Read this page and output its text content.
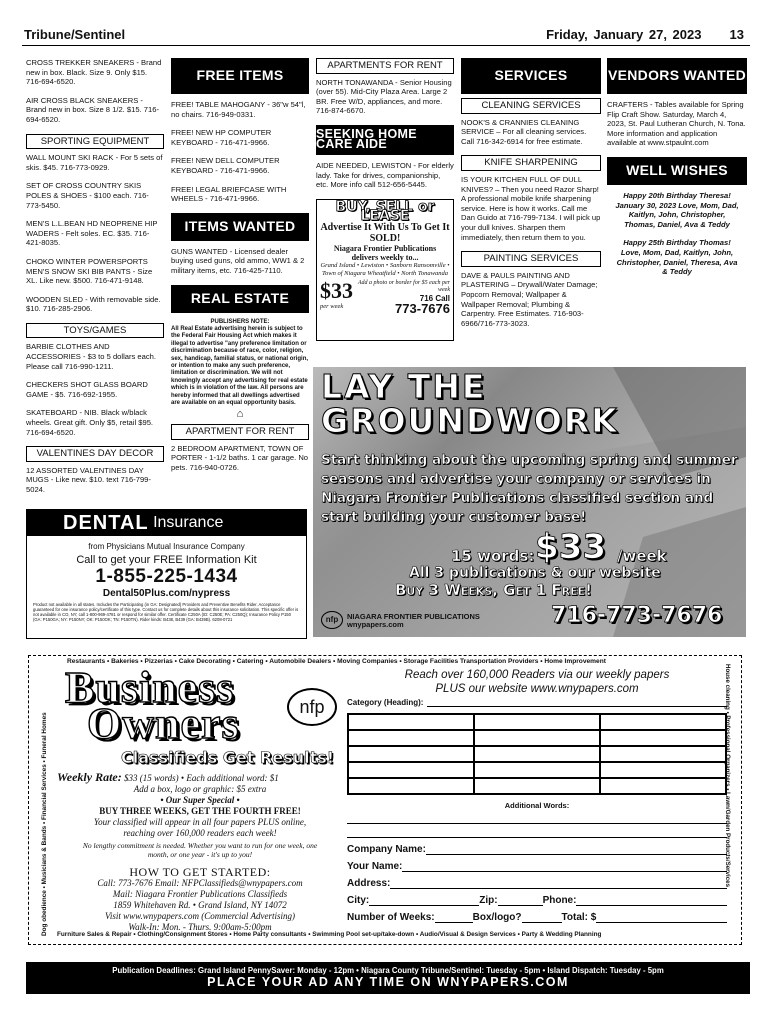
Tribune/Sentinel	Friday, January 27, 2023 13

CROSS TREKKER SNEAKERS - Brand new in box. Black. Size 9. Only $15. 716-694-6520.

AIR CROSS BLACK SNEAKERS - Brand new in box. Size 8 1/2. $15. 716-694-6520.

SPORTING EQUIPMENT

WALL MOUNT SKI RACK - For 5 sets of skis. $45. 716-773-0929.

SET OF CROSS COUNTRY SKIS POLES & SHOES - $100 each. 716-773-5450.

MEN'S L.L.BEAN HD NEOPRENE HIP WADERS - Felt soles. EC. $35. 716-421-8035.

CHOKO WINTER POWERSPORTS MEN'S SNOW SKI BIB PANTS - Size XL. Like new. $500. 716-471-9148.

WOODEN SLED - With removable side. $10. 716-285-2906.

TOYS/GAMES

BARBIE CLOTHES AND ACCESSORIES - $3 to 5 dollars each. Please call 716-990-1211.

CHECKERS SHOT GLASS BOARD GAME - $5. 716-692-1955.

SKATEBOARD - NIB. Black w/black wheels. Great gift. Only $5, retail $95. 716-694-6520.

VALENTINES DAY DECOR

12 ASSORTED VALENTINES DAY MUGS - Like new. $10. text 716-799-5024.

FREE ITEMS

FREE! TABLE MAHOGANY - 36"w 54"l, no chairs. 716-949-0331.

FREE! NEW HP COMPUTER KEYBOARD - 716-471-9966.

FREE! NEW DELL COMPUTER KEYBOARD - 716-471-9966.

FREE! LEGAL BRIEFCASE WITH WHEELS - 716-471-9966.

ITEMS WANTED

GUNS WANTED - Licensed dealer buying used guns, old ammo, WW1 & 2 military items, etc. 716-425-7110.

REAL ESTATE
PUBLISHERS NOTE:
All Real Estate advertising herein is subject to the Federal Fair Housing Act which makes it illegal to advertise "any preference limitation or discrimination because of race, color, religion, sex, handicap, familial status, or national origin, or intention to make any such preference, limitation or discrimination. We will not knowingly accept any advertising for real estate which is in violation of the law. All persons are hereby informed that all dwellings advertised are available on an equal opportunity basis.
⌂
APARTMENT FOR RENT

2 BEDROOM APARTMENT, TOWN OF PORTER - 1-1/2 baths. 1 car garage. No pets. 716-940-0726.

APARTMENTS FOR RENT

NORTH TONAWANDA - Senior Housing (over 55). Mid-City Plaza Area. Large 2 BR. Free W/D, appliances, and more. 716-874-6670.

SEEKING HOME CARE AIDE

AIDE NEEDED, LEWISTON - For elderly lady. Take for drives, companionship, etc. More info call 512-656-5445.

BUY, SELL or LEASE
Advertise It With Us To Get It SOLD!
Niagara Frontier Publications delivers weekly to...
Grand Island • Lewiston • Sanborn Ransomville • Town of Niagara Wheatfield • North Tonawanda
$33
per week
Add a photo or border for $5 each per week
716 Call
773-7676
SERVICES
CLEANING SERVICES

NOOK'S & CRANNIES CLEANING SERVICE – For all cleaning services. Call 716-342-6914 for free estimate.

KNIFE SHARPENING

IS YOUR KITCHEN FULL OF DULL KNIVES? – Then you need Razor Sharp! A professional mobile knife sharpening service. Here is how it works. Call me Dan Guido at 716-799-7134. I will pick up your dull knives. Sharpen them immediately, then return them to you.

PAINTING SERVICES

DAVE & PAULS PAINTING AND PLASTERING – Drywall/Water Damage; Popcorn Removal; Wallpaper & Wallpaper Removal; Plumbing & Carpentry. Free Estimates. 716-903-6966/716-773-3023.

VENDORS WANTED

CRAFTERS - Tables available for Spring Flip Craft Show. Saturday, March 4, 2023, St. Paul Lutheran Church, N. Tona. More information and application available at www.stpaulnt.com

WELL WISHES

Happy 20th Birthday Theresa! January 30, 2023 Love, Mom, Dad, Kaitlyn, John, Christopher, Thomas, Daniel, Ava & Teddy

Happy 25th Birthday Thomas! Love, Mom, Dad, Kaitlyn, John, Christopher, Daniel, Theresa, Ava & Teddy

DENTAL
Insurance
from Physicians Mutual Insurance Company
Call to get your FREE Information Kit
1-855-225-1434
Dental50Plus.com/nypress
Product not available in all states. Includes the Participating (in GA: Designated) Providers and Preventive Benefits Rider. Acceptance guaranteed for one insurance policy/certificate of this type. Contact us for complete details about this insurance solicitation. This specific offer is not available in CO, NY; call 1-800-969-4781 or respond for similar offer. Certificate C250A (ID: C250E; PA: C250Q); Insurance Policy P150 (GA: P150GA; NY: P150NY; OK: P150OK; TN: P150TN). Rider kinds: B438, B439 (GA: B439B). 6208-0721
LAY THE
GROUNDWORK
Start thinking about the upcoming spring and summer seasons and advertise your company or services in Niagara Frontier Publications classified section and start building your customer base!
15 words: $33 /week
All 3 publications & our website
Buy 3 Weeks, Get 1 Free!
nfp	NIAGARA FRONTIER PUBLICATIONS
wnypapers.com	716-773-7676
Restaurants • Bakeries • Pizzerias • Cake Decorating • Catering • Automobile Dealers • Moving Companies • Storage Facilities Transportation Providers • Home Improvement
Dog obedience • Musicians & Bands • Financial Services • Funeral Homes	House cleaning • Professional Organizers • Lawn/Garden Products/Services
Furniture Sales & Repair • Clothing/Consignment Stores • Home Party consultants • Swimming Pool set-up/take-down • Audio/Visual & Design Services • Party & Wedding Planning
Business
Owners	nfp
Classifieds Get Results!
Weekly Rate: $33 (15 words) • Each additional word: $1
Add a box, logo or graphic: $5 extra
• Our Super Special •
BUY THREE WEEKS, GET THE FOURTH FREE!
Your classified will appear in all four papers PLUS online, reaching over 160,000 readers each week!
No lengthy commitment is needed. Whether you want to run for one week, one month, or one year - it's up to you!
HOW TO GET STARTED:
Call: 773-7676 Email: NFPClassifieds@wnypapers.com
Mail: Niagara Frontier Publications Classifieds
1859 Whitehaven Rd. • Grand Island, NY 14072
Visit www.wnypapers.com (Commercial Advertising)
Walk-In: Mon. - Thurs. 9:00am-5:00pm
Reach over 160,000 Readers via our weekly papers
PLUS our website www.wnypapers.com
Category (Heading):
Additional Words:
Company Name:
Your Name:
Address:
City:	Zip:	Phone:
Number of Weeks:	Box/logo?	Total: $
Publication Deadlines: Grand Island PennySaver: Monday - 12pm • Niagara County Tribune/Sentinel: Tuesday - 5pm • Island Dispatch: Tuesday - 5pm
PLACE YOUR AD ANY TIME ON WNYPAPERS.COM
